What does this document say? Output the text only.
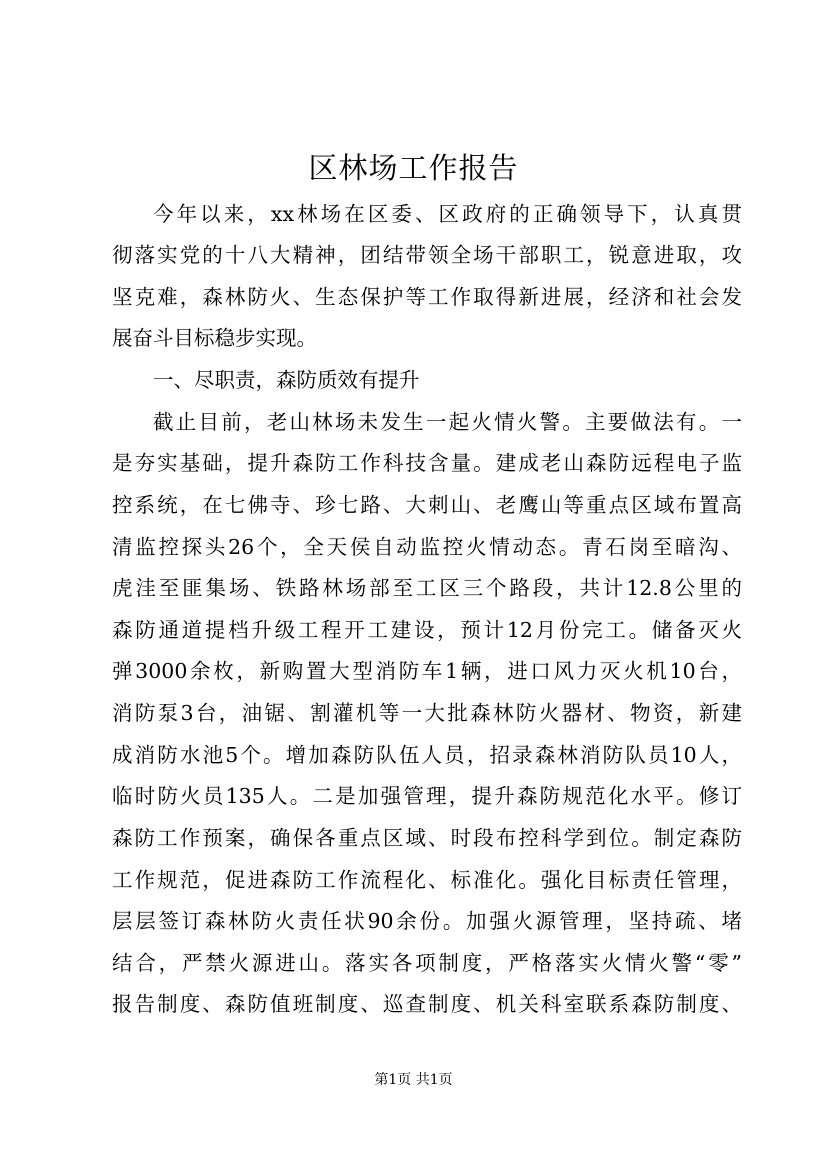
区林场工作报告
今年以来，xx林场在区委、区政府的正确领导下，认真贯
彻落实党的十八大精神，团结带领全场干部职工，锐意进取，攻
坚克难，森林防火、生态保护等工作取得新进展，经济和社会发
展奋斗目标稳步实现。
一、尽职责，森防质效有提升
截止目前，老山林场未发生一起火情火警。主要做法有。一
是夯实基础，提升森防工作科技含量。建成老山森防远程电子监
控系统，在七佛寺、珍七路、大刺山、老鹰山等重点区域布置高
清监控探头26个，全天侯自动监控火情动态。青石岗至暗沟、
虎洼至匪集场、铁路林场部至工区三个路段，共计12.8公里的
森防通道提档升级工程开工建设，预计12月份完工。储备灭火
弹3000余枚，新购置大型消防车1辆，进口风力灭火机10台，
消防泵3台，油锯、割灌机等一大批森林防火器材、物资，新建
成消防水池5个。增加森防队伍人员，招录森林消防队员10人，
临时防火员135人。二是加强管理，提升森防规范化水平。修订
森防工作预案，确保各重点区域、时段布控科学到位。制定森防
工作规范，促进森防工作流程化、标准化。强化目标责任管理，
层层签订森林防火责任状90余份。加强火源管理，坚持疏、堵
结合，严禁火源进山。落实各项制度，严格落实火情火警“零”
报告制度、森防值班制度、巡查制度、机关科室联系森防制度、
第1页 共1页
